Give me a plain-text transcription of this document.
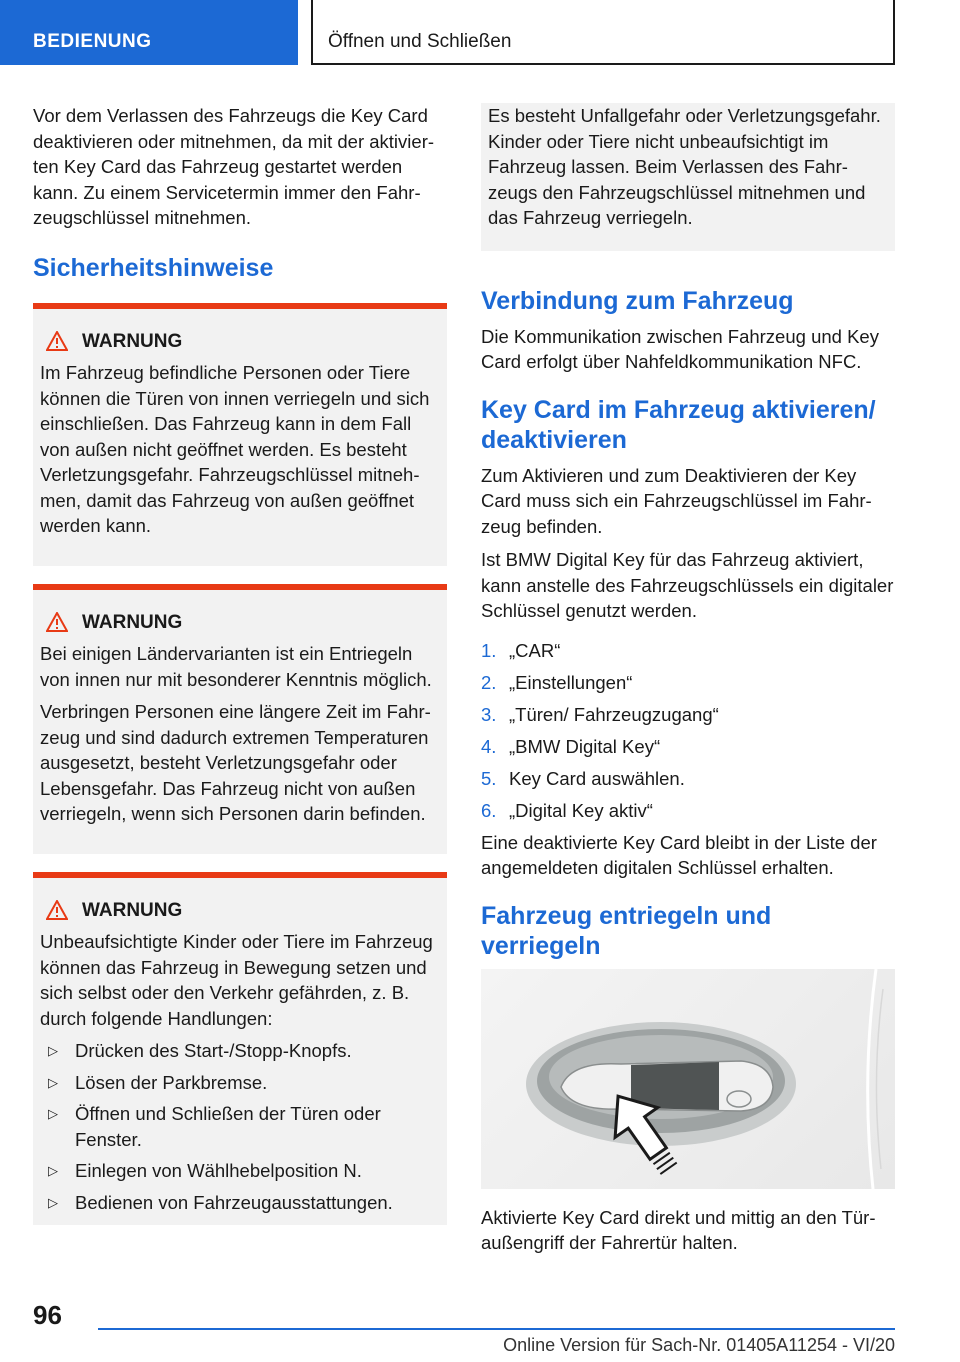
BEDIENUNG	Öffnen und Schließen

Vor dem Verlassen des Fahrzeugs die Key Card deaktivieren oder mitnehmen, da mit der aktivierten Key Card das Fahrzeug gestartet werden kann. Zu einem Servicetermin immer den Fahrzeugschlüssel mitnehmen.

Sicherheitshinweise
WARNUNG

Im Fahrzeug befindliche Personen oder Tiere können die Türen von innen verriegeln und sich einschließen. Das Fahrzeug kann in dem Fall von außen nicht geöffnet werden. Es besteht Verletzungsgefahr. Fahrzeugschlüssel mitnehmen, damit das Fahrzeug von außen geöffnet werden kann.

WARNUNG

Bei einigen Ländervarianten ist ein Entriegeln von innen nur mit besonderer Kenntnis möglich.

Verbringen Personen eine längere Zeit im Fahrzeug und sind dadurch extremen Temperaturen ausgesetzt, besteht Verletzungsgefahr oder Lebensgefahr. Das Fahrzeug nicht von außen verriegeln, wenn sich Personen darin befinden.

WARNUNG

Unbeaufsichtigte Kinder oder Tiere im Fahrzeug können das Fahrzeug in Bewegung setzen und sich selbst oder den Verkehr gefährden, z. B. durch folgende Handlungen:

▷ Drücken des Start-/Stopp-Knopfs.
▷ Lösen der Parkbremse.
▷ Öffnen und Schließen der Türen oder Fenster.
▷ Einlegen von Wählhebelposition N.
▷ Bedienen von Fahrzeugausstattungen.

Es besteht Unfallgefahr oder Verletzungsgefahr. Kinder oder Tiere nicht unbeaufsichtigt im Fahrzeug lassen. Beim Verlassen des Fahrzeugs den Fahrzeugschlüssel mitnehmen und das Fahrzeug verriegeln.

Verbindung zum Fahrzeug

Die Kommunikation zwischen Fahrzeug und Key Card erfolgt über Nahfeldkommunikation NFC.

Key Card im Fahrzeug aktivieren/ deaktivieren

Zum Aktivieren und zum Deaktivieren der Key Card muss sich ein Fahrzeugschlüssel im Fahrzeug befinden.

Ist BMW Digital Key für das Fahrzeug aktiviert, kann anstelle des Fahrzeugschlüssels ein digitaler Schlüssel genutzt werden.

1. „CAR“
2. „Einstellungen“
3. „Türen/ Fahrzeugzugang“
4. „BMW Digital Key“
5. Key Card auswählen.
6. „Digital Key aktiv“

Eine deaktivierte Key Card bleibt in der Liste der angemeldeten digitalen Schlüssel erhalten.

Fahrzeug entriegeln und verriegeln

Aktivierte Key Card direkt und mittig an den Türaußengriff der Fahrertür halten.

96
Online Version für Sach-Nr. 01405A11254 - VI/20
